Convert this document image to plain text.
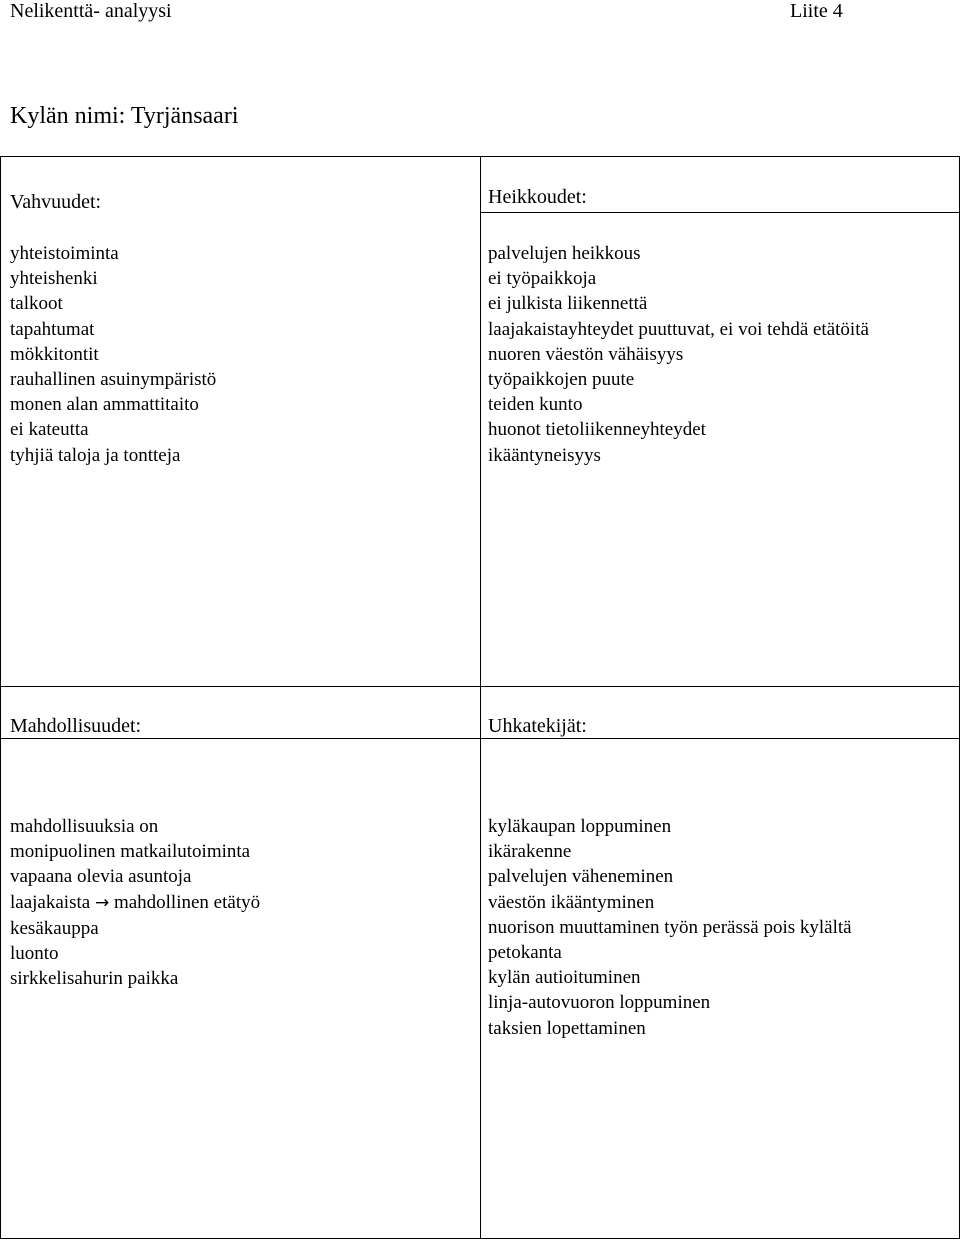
Nelikenttä- analyysi	Liite 4
Kylän nimi: Tyrjänsaari
Vahvuudet:
yhteistoiminta
yhteishenki
talkoot
tapahtumat
mökkitontit
rauhallinen asuinympäristö
monen alan ammattitaito
ei kateutta
tyhjiä taloja ja tontteja
Heikkoudet:
palvelujen heikkous
ei työpaikkoja
ei julkista liikennettä
laajakaistayhteydet puuttuvat, ei voi tehdä etätöitä
nuoren väestön vähäisyys
työpaikkojen puute
teiden kunto
huonot tietoliikenneyhteydet
ikääntyneisyys
Mahdollisuudet:
mahdollisuuksia on
monipuolinen matkailutoiminta
vapaana olevia asuntoja
laajakaista → mahdollinen etätyö
kesäkauppa
luonto
sirkkelisahurin paikka
Uhkatekijät:
kyläkaupan loppuminen
ikärakenne
palvelujen väheneminen
väestön ikääntyminen
nuorison muuttaminen työn perässä pois kylältä
petokanta
kylän autioituminen
linja-autovuoron loppuminen
taksien lopettaminen
